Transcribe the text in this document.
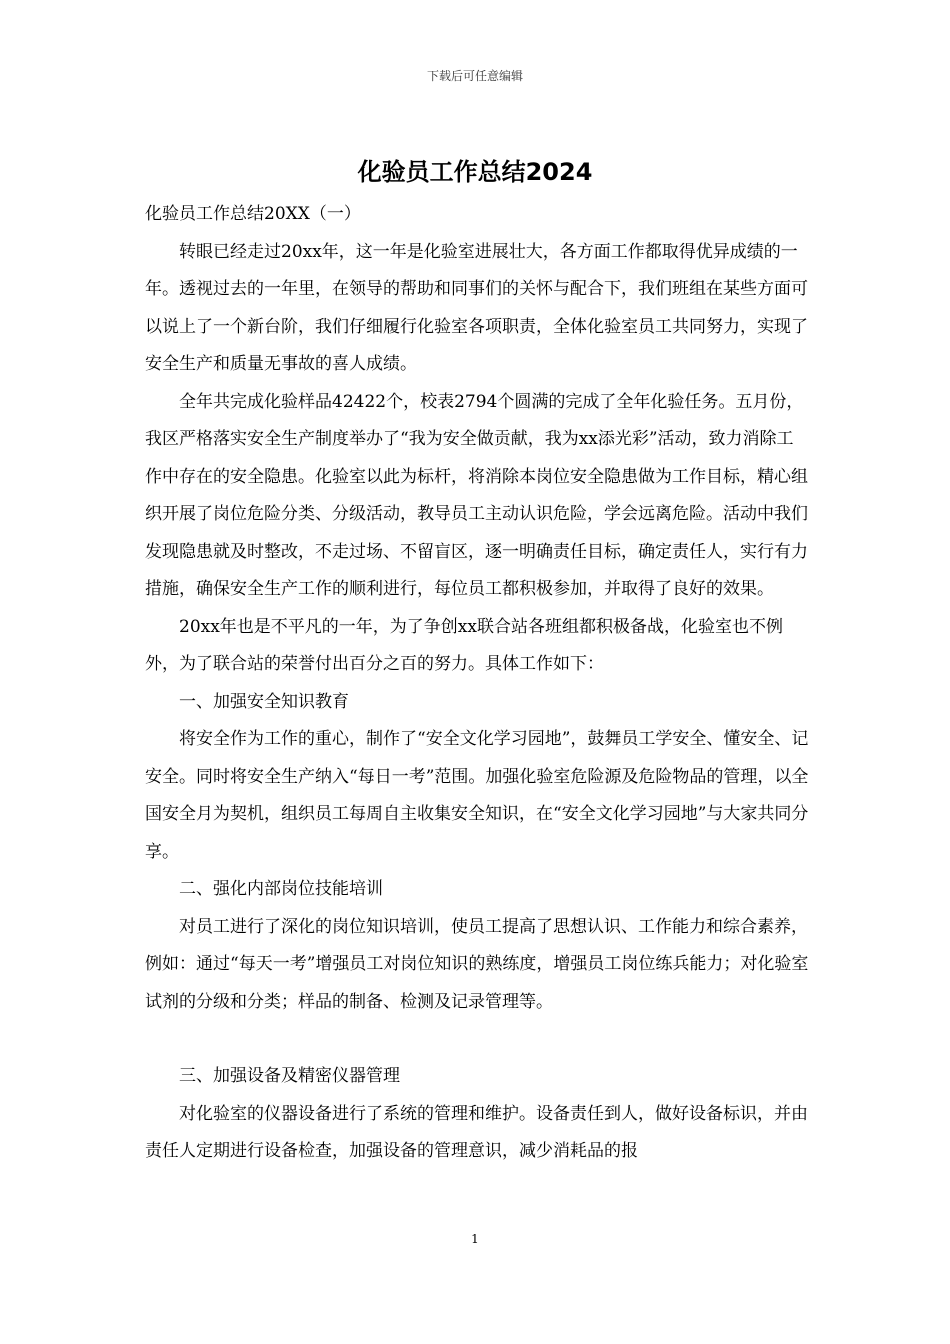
下载后可任意编辑
化验员工作总结2024

化验员工作总结20XX（一）

转眼已经走过20xx年，这一年是化验室进展壮大，各方面工作都取得优异成绩的一年。透视过去的一年里，在领导的帮助和同事们的关怀与配合下，我们班组在某些方面可以说上了一个新台阶，我们仔细履行化验室各项职责，全体化验室员工共同努力，实现了安全生产和质量无事故的喜人成绩。

全年共完成化验样品42422个，校表2794个圆满的完成了全年化验任务。五月份，我区严格落实安全生产制度举办了“我为安全做贡献，我为xx添光彩”活动，致力消除工作中存在的安全隐患。化验室以此为标杆，将消除本岗位安全隐患做为工作目标，精心组织开展了岗位危险分类、分级活动，教导员工主动认识危险，学会远离危险。活动中我们发现隐患就及时整改，不走过场、不留盲区，逐一明确责任目标，确定责任人，实行有力措施，确保安全生产工作的顺利进行，每位员工都积极参加，并取得了良好的效果。

20xx年也是不平凡的一年，为了争创xx联合站各班组都积极备战，化验室也不例外，为了联合站的荣誉付出百分之百的努力。具体工作如下：

一、加强安全知识教育

将安全作为工作的重心，制作了“安全文化学习园地”，鼓舞员工学安全、懂安全、记安全。同时将安全生产纳入“每日一考”范围。加强化验室危险源及危险物品的管理，以全国安全月为契机，组织员工每周自主收集安全知识，在“安全文化学习园地”与大家共同分享。

二、强化内部岗位技能培训

对员工进行了深化的岗位知识培训，使员工提高了思想认识、工作能力和综合素养，例如：通过“每天一考”增强员工对岗位知识的熟练度，增强员工岗位练兵能力；对化验室试剂的分级和分类；样品的制备、检测及记录管理等。

三、加强设备及精密仪器管理

对化验室的仪器设备进行了系统的管理和维护。设备责任到人，做好设备标识，并由责任人定期进行设备检查，加强设备的管理意识，减少消耗品的报

1
